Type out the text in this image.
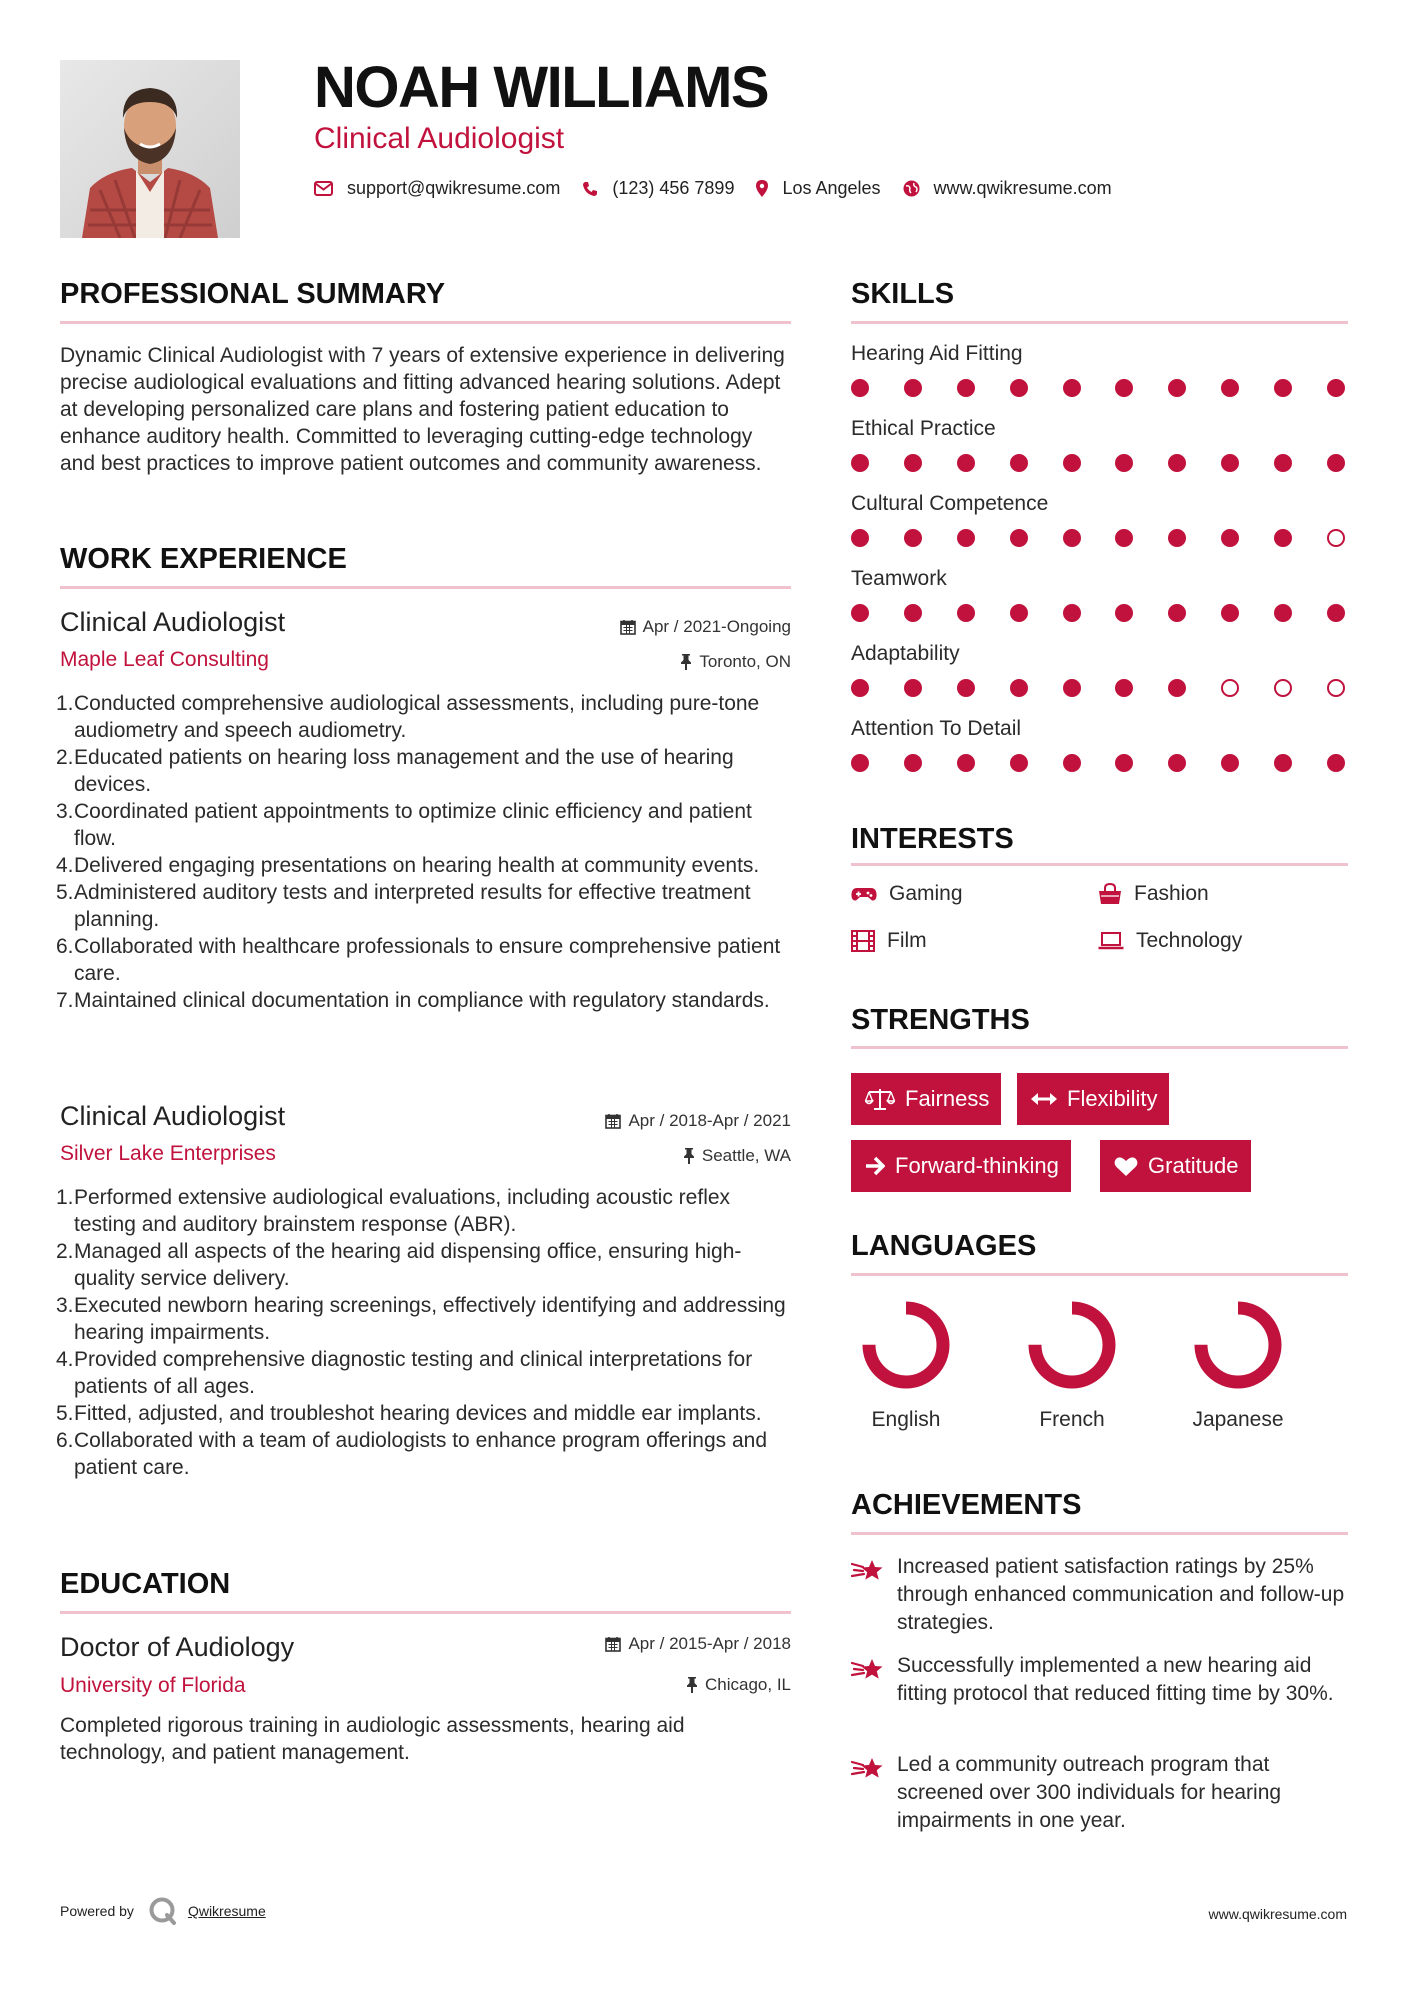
NOAH WILLIAMS
Clinical Audiologist
support@qwikresume.com	(123) 456 7899	Los Angeles	www.qwikresume.com
PROFESSIONAL SUMMARY
Dynamic Clinical Audiologist with 7 years of extensive experience in delivering precise audiological evaluations and fitting advanced hearing solutions. Adept at developing personalized care plans and fostering patient education to enhance auditory health. Committed to leveraging cutting-edge technology and best practices to improve patient outcomes and community awareness.
WORK EXPERIENCE
Clinical Audiologist	Apr / 2021-Ongoing
Maple Leaf Consulting	Toronto, ON
1. Conducted comprehensive audiological assessments, including pure-tone audiometry and speech audiometry.
2. Educated patients on hearing loss management and the use of hearing devices.
3. Coordinated patient appointments to optimize clinic efficiency and patient flow.
4. Delivered engaging presentations on hearing health at community events.
5. Administered auditory tests and interpreted results for effective treatment planning.
6. Collaborated with healthcare professionals to ensure comprehensive patient care.
7. Maintained clinical documentation in compliance with regulatory standards.
Clinical Audiologist	Apr / 2018-Apr / 2021
Silver Lake Enterprises	Seattle, WA
1. Performed extensive audiological evaluations, including acoustic reflex testing and auditory brainstem response (ABR).
2. Managed all aspects of the hearing aid dispensing office, ensuring high-quality service delivery.
3. Executed newborn hearing screenings, effectively identifying and addressing hearing impairments.
4. Provided comprehensive diagnostic testing and clinical interpretations for patients of all ages.
5. Fitted, adjusted, and troubleshot hearing devices and middle ear implants.
6. Collaborated with a team of audiologists to enhance program offerings and patient care.
EDUCATION
Doctor of Audiology	Apr / 2015-Apr / 2018
University of Florida	Chicago, IL
Completed rigorous training in audiologic assessments, hearing aid technology, and patient management.
SKILLS
Hearing Aid Fitting
Ethical Practice
Cultural Competence
Teamwork
Adaptability
Attention To Detail
INTERESTS
Gaming	Fashion
Film	Technology
STRENGTHS
Fairness	Flexibility
Forward-thinking	Gratitude
LANGUAGES
English	French	Japanese
ACHIEVEMENTS
Increased patient satisfaction ratings by 25% through enhanced communication and follow-up strategies.
Successfully implemented a new hearing aid fitting protocol that reduced fitting time by 30%.
Led a community outreach program that screened over 300 individuals for hearing impairments in one year.
Powered by	Qwikresume	www.qwikresume.com
